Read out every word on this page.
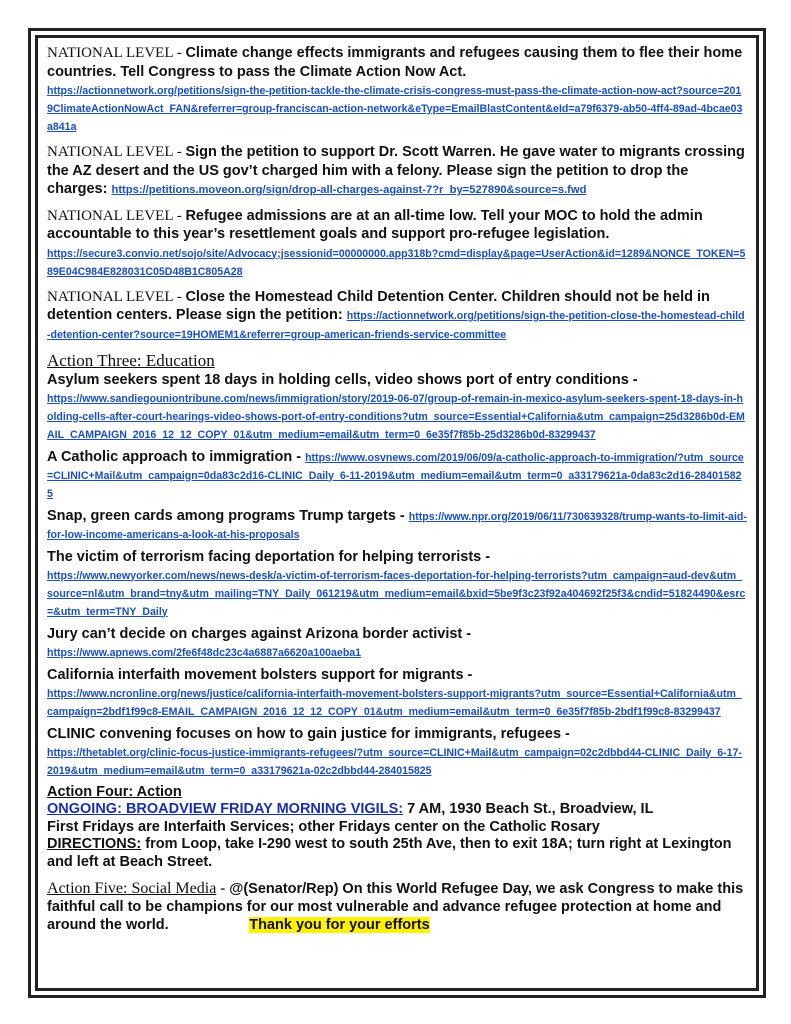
NATIONAL LEVEL - Climate change effects immigrants and refugees causing them to flee their home countries. Tell Congress to pass the Climate Action Now Act.
https://actionnetwork.org/petitions/sign-the-petition-tackle-the-climate-crisis-congress-must-pass-the-climate-action-now-act?source=2019ClimateActionNowAct_FAN&referrer=group-franciscan-action-network&eType=EmailBlastContent&eId=a79f6379-ab50-4ff4-89ad-4bcae03a841a
NATIONAL LEVEL - Sign the petition to support Dr. Scott Warren. He gave water to migrants crossing the AZ desert and the US gov’t charged him with a felony. Please sign the petition to drop the charges: https://petitions.moveon.org/sign/drop-all-charges-against-7?r_by=527890&source=s.fwd
NATIONAL LEVEL - Refugee admissions are at an all-time low. Tell your MOC to hold the admin accountable to this year’s resettlement goals and support pro-refugee legislation.
https://secure3.convio.net/sojo/site/Advocacy;jsessionid=00000000.app318b?cmd=display&page=UserAction&id=1289&NONCE_TOKEN=589E04C984E828031C05D48B1C805A28
NATIONAL LEVEL - Close the Homestead Child Detention Center. Children should not be held in detention centers. Please sign the petition: https://actionnetwork.org/petitions/sign-the-petition-close-the-homestead-child-detention-center?source=19HOMEM1&referrer=group-american-friends-service-committee
Action Three: Education
Asylum seekers spent 18 days in holding cells, video shows port of entry conditions -
https://www.sandiegouniontribune.com/news/immigration/story/2019-06-07/group-of-remain-in-mexico-asylum-seekers-spent-18-days-in-holding-cells-after-court-hearings-video-shows-port-of-entry-conditions?utm_source=Essential+California&utm_campaign=25d3286b0d-EMAIL_CAMPAIGN_2016_12_12_COPY_01&utm_medium=email&utm_term=0_6e35f7f85b-25d3286b0d-83299437
A Catholic approach to immigration - https://www.osvnews.com/2019/06/09/a-catholic-approach-to-immigration/?utm_source=CLINIC+Mail&utm_campaign=0da83c2d16-CLINIC_Daily_6-11-2019&utm_medium=email&utm_term=0_a33179621a-0da83c2d16-284015825
Snap, green cards among programs Trump targets - https://www.npr.org/2019/06/11/730639328/trump-wants-to-limit-aid-for-low-income-americans-a-look-at-his-proposals
The victim of terrorism facing deportation for helping terrorists -
https://www.newyorker.com/news/news-desk/a-victim-of-terrorism-faces-deportation-for-helping-terrorists?utm_campaign=aud-dev&utm_source=nl&utm_brand=tny&utm_mailing=TNY_Daily_061219&utm_medium=email&bxid=5be9f3c23f92a404692f25f3&cndid=51824490&esrc=&utm_term=TNY_Daily
Jury can’t decide on charges against Arizona border activist -
https://www.apnews.com/2fe6f48dc23c4a6887a6620a100aeba1
California interfaith movement bolsters support for migrants -
https://www.ncronline.org/news/justice/california-interfaith-movement-bolsters-support-migrants?utm_source=Essential+California&utm_campaign=2bdf1f99c8-EMAIL_CAMPAIGN_2016_12_12_COPY_01&utm_medium=email&utm_term=0_6e35f7f85b-2bdf1f99c8-83299437
CLINIC convening focuses on how to gain justice for immigrants, refugees -
https://thetablet.org/clinic-focus-justice-immigrants-refugees/?utm_source=CLINIC+Mail&utm_campaign=02c2dbbd44-CLINIC_Daily_6-17-2019&utm_medium=email&utm_term=0_a33179621a-02c2dbbd44-284015825
Action Four: Action
ONGOING: BROADVIEW FRIDAY MORNING VIGILS: 7 AM, 1930 Beach St., Broadview, IL
First Fridays are Interfaith Services; other Fridays center on the Catholic Rosary
DIRECTIONS: from Loop, take I-290 west to south 25th Ave, then to exit 18A; turn right at Lexington and left at Beach Street.
Action Five: Social Media - @(Senator/Rep) On this World Refugee Day, we ask Congress to make this faithful call to be champions for our most vulnerable and advance refugee protection at home and around the world.	Thank you for your efforts
